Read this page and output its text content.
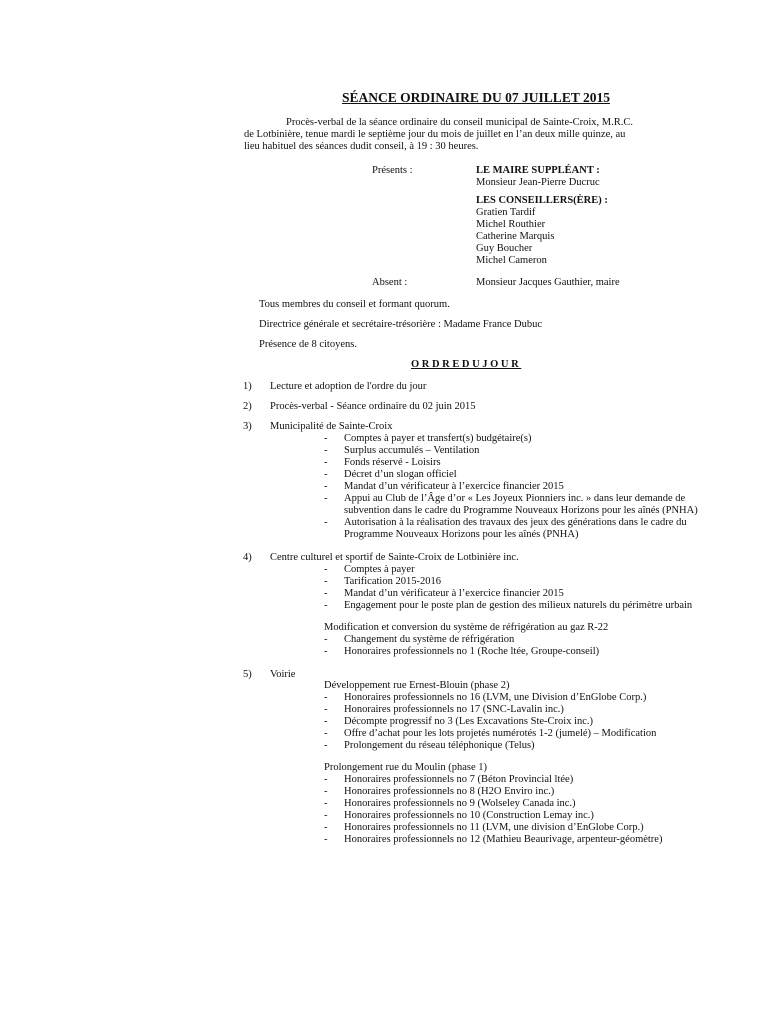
SÉANCE ORDINAIRE DU 07 JUILLET 2015
Procès-verbal de la séance ordinaire du conseil municipal de Sainte-Croix, M.R.C.
de Lotbinière, tenue mardi le septième jour du mois de juillet en l’an deux mille quinze, au
lieu habituel des séances dudit conseil, à 19 : 30 heures.
Présents :	LE MAIRE SUPPLÉANT :
Monsieur Jean-Pierre Ducruc
LES CONSEILLERS(ÈRE) :
Gratien Tardif
Michel Routhier
Catherine Marquis
Guy Boucher
Michel Cameron
Absent :	Monsieur Jacques Gauthier, maire
Tous membres du conseil et formant quorum.
Directrice générale et secrétaire-trésorière : Madame France Dubuc
Présence de 8 citoyens.
ORDREDUJOUR
1) Lecture et adoption de l'ordre du jour
2) Procès-verbal - Séance ordinaire du 02 juin 2015
3) Municipalité de Sainte-Croix
- Comptes à payer et transfert(s) budgétaire(s)
- Surplus accumulés – Ventilation
- Fonds réservé - Loisirs
- Décret d’un slogan officiel
- Mandat d’un vérificateur à l’exercice financier 2015
- Appui au Club de l’Âge d’or « Les Joyeux Pionniers inc. » dans leur demande de subvention dans le cadre du Programme Nouveaux Horizons pour les aînés (PNHA)
- Autorisation à la réalisation des travaux des jeux des générations dans le cadre du Programme Nouveaux Horizons pour les aînés (PNHA)
4) Centre culturel et sportif de Sainte-Croix de Lotbinière inc.
- Comptes à payer
- Tarification 2015-2016
- Mandat d’un vérificateur à l’exercice financier 2015
- Engagement pour le poste plan de gestion des milieux naturels du périmètre urbain
Modification et conversion du système de réfrigération au gaz R-22
- Changement du système de réfrigération
- Honoraires professionnels no 1 (Roche ltée, Groupe-conseil)
5) Voirie
Développement rue Ernest-Blouin (phase 2)
- Honoraires professionnels no 16 (LVM, une Division d’EnGlobe Corp.)
- Honoraires professionnels no 17 (SNC-Lavalin inc.)
- Décompte progressif no 3 (Les Excavations Ste-Croix inc.)
- Offre d’achat pour les lots projetés numérotés 1-2 (jumelé) – Modification
- Prolongement du réseau téléphonique (Telus)
Prolongement rue du Moulin (phase 1)
- Honoraires professionnels no 7 (Béton Provincial ltée)
- Honoraires professionnels no 8 (H2O Enviro inc.)
- Honoraires professionnels no 9 (Wolseley Canada inc.)
- Honoraires professionnels no 10 (Construction Lemay inc.)
- Honoraires professionnels no 11 (LVM, une division d’EnGlobe Corp.)
- Honoraires professionnels no 12 (Mathieu Beaurivage, arpenteur-géomètre)
